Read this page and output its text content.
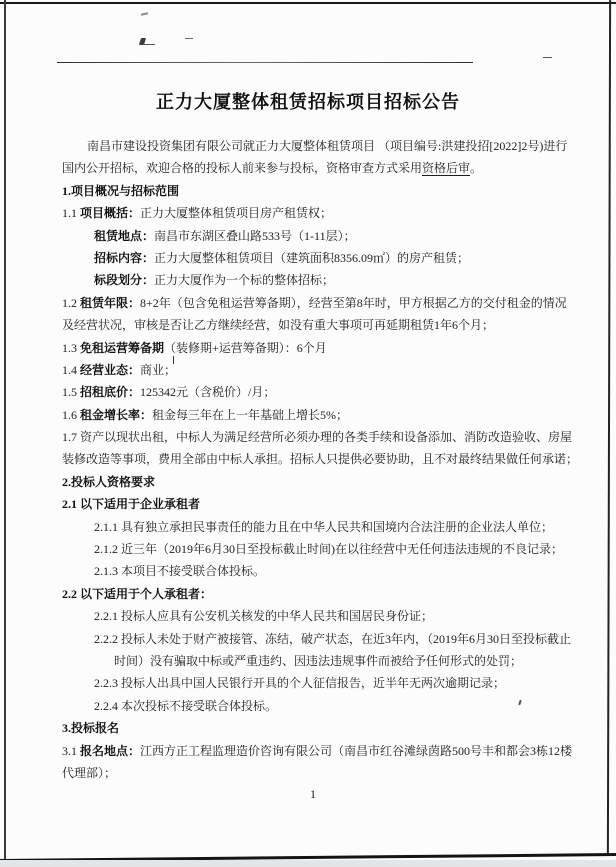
正力大厦整体租赁招标项目招标公告
南昌市建设投资集团有限公司就正力大厦整体租赁项目 （项目编号:洪建投招[2022]2号)进行
国内公开招标，欢迎合格的投标人前来参与投标，资格审查方式采用资格后审。
1.项目概况与招标范围
1.1 项目概括：正力大厦整体租赁项目房产租赁权；
租赁地点：南昌市东湖区叠山路533号（1-11层）；
招标内容：正力大厦整体租赁项目（建筑面积8356.09㎡）的房产租赁；
标段划分：正力大厦作为一个标的整体招标；
1.2 租赁年限：8+2年（包含免租运营筹备期），经营至第8年时，甲方根据乙方的交付租金的情况
及经营状况，审核是否让乙方继续经营，如没有重大事项可再延期租赁1年6个月；
1.3 免租运营筹备期（装修期+运营筹备期）：6个月
1.4 经营业态：商业；
1.5 招租底价：125342元（含税价）/月；
1.6 租金增长率：租金每三年在上一年基础上增长5%；
1.7 资产以现状出租，中标人为满足经营所必须办理的各类手续和设备添加、消防改造验收、房屋
装修改造等事项，费用全部由中标人承担。招标人只提供必要协助，且不对最终结果做任何承诺；
2.投标人资格要求
2.1 以下适用于企业承租者
2.1.1 具有独立承担民事责任的能力且在中华人民共和国境内合法注册的企业法人单位；
2.1.2 近三年（2019年6月30日至投标截止时间)在以往经营中无任何违法违规的不良记录；
2.1.3 本项目不接受联合体投标。
2.2 以下适用于个人承租者：
2.2.1 投标人应具有公安机关核发的中华人民共和国居民身份证；
2.2.2 投标人未处于财产被接管、冻结，破产状态，在近3年内，（2019年6月30日至投标截止
时间）没有骗取中标或严重违约、因违法违规事件而被给予任何形式的处罚；
2.2.3 投标人出具中国人民银行开具的个人征信报告，近半年无两次逾期记录；
2.2.4 本次投标不接受联合体投标。
3.投标报名
3.1 报名地点：江西方正工程监理造价咨询有限公司（南昌市红谷滩绿茵路500号丰和都会3栋12楼
代理部）；
1
